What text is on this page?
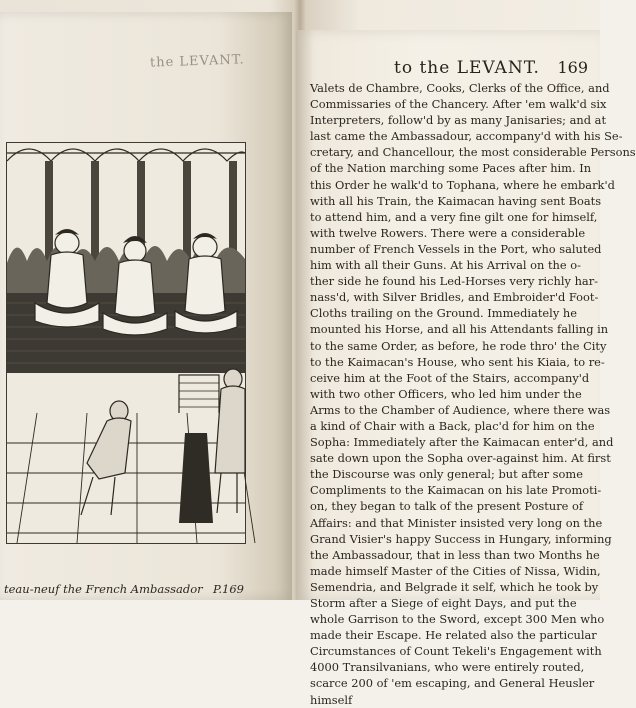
the LEVANT.
teau-neuf the French Ambassador P.169
to the LEVANT. 169
Valets de Chambre, Cooks, Clerks of the Office, and
Commissaries of the Chancery. After 'em walk'd six
Interpreters, follow'd by as many Janisaries; and at
last came the Ambassadour, accompany'd with his Se-
cretary, and Chancellour, the most considerable Persons
of the Nation marching some Paces after him. In
this Order he walk'd to Tophana, where he embark'd
with all his Train, the Kaimacan having sent Boats
to attend him, and a very fine gilt one for himself,
with twelve Rowers. There were a considerable
number of French Vessels in the Port, who saluted
him with all their Guns. At his Arrival on the o-
ther side he found his Led-Horses very richly har-
nass'd, with Silver Bridles, and Embroider'd Foot-
Cloths trailing on the Ground. Immediately he
mounted his Horse, and all his Attendants falling in
to the same Order, as before, he rode thro' the City
to the Kaimacan's House, who sent his Kiaia, to re-
ceive him at the Foot of the Stairs, accompany'd
with two other Officers, who led him under the
Arms to the Chamber of Audience, where there was
a kind of Chair with a Back, plac'd for him on the
Sopha: Immediately after the Kaimacan enter'd, and
sate down upon the Sopha over-against him. At first
the Discourse was only general; but after some
Compliments to the Kaimacan on his late Promoti-
on, they began to talk of the present Posture of
Affairs: and that Minister insisted very long on the
Grand Visier's happy Success in Hungary, informing
the Ambassadour, that in less than two Months he
made himself Master of the Cities of Nissa, Widin,
Semendria, and Belgrade it self, which he took by
Storm after a Siege of eight Days, and put the
whole Garrison to the Sword, except 300 Men who
made their Escape. He related also the particular
Circumstances of Count Tekeli's Engagement with
4000 Transilvanians, who were entirely routed,
scarce 200 of 'em escaping, and General Heusler
himself
